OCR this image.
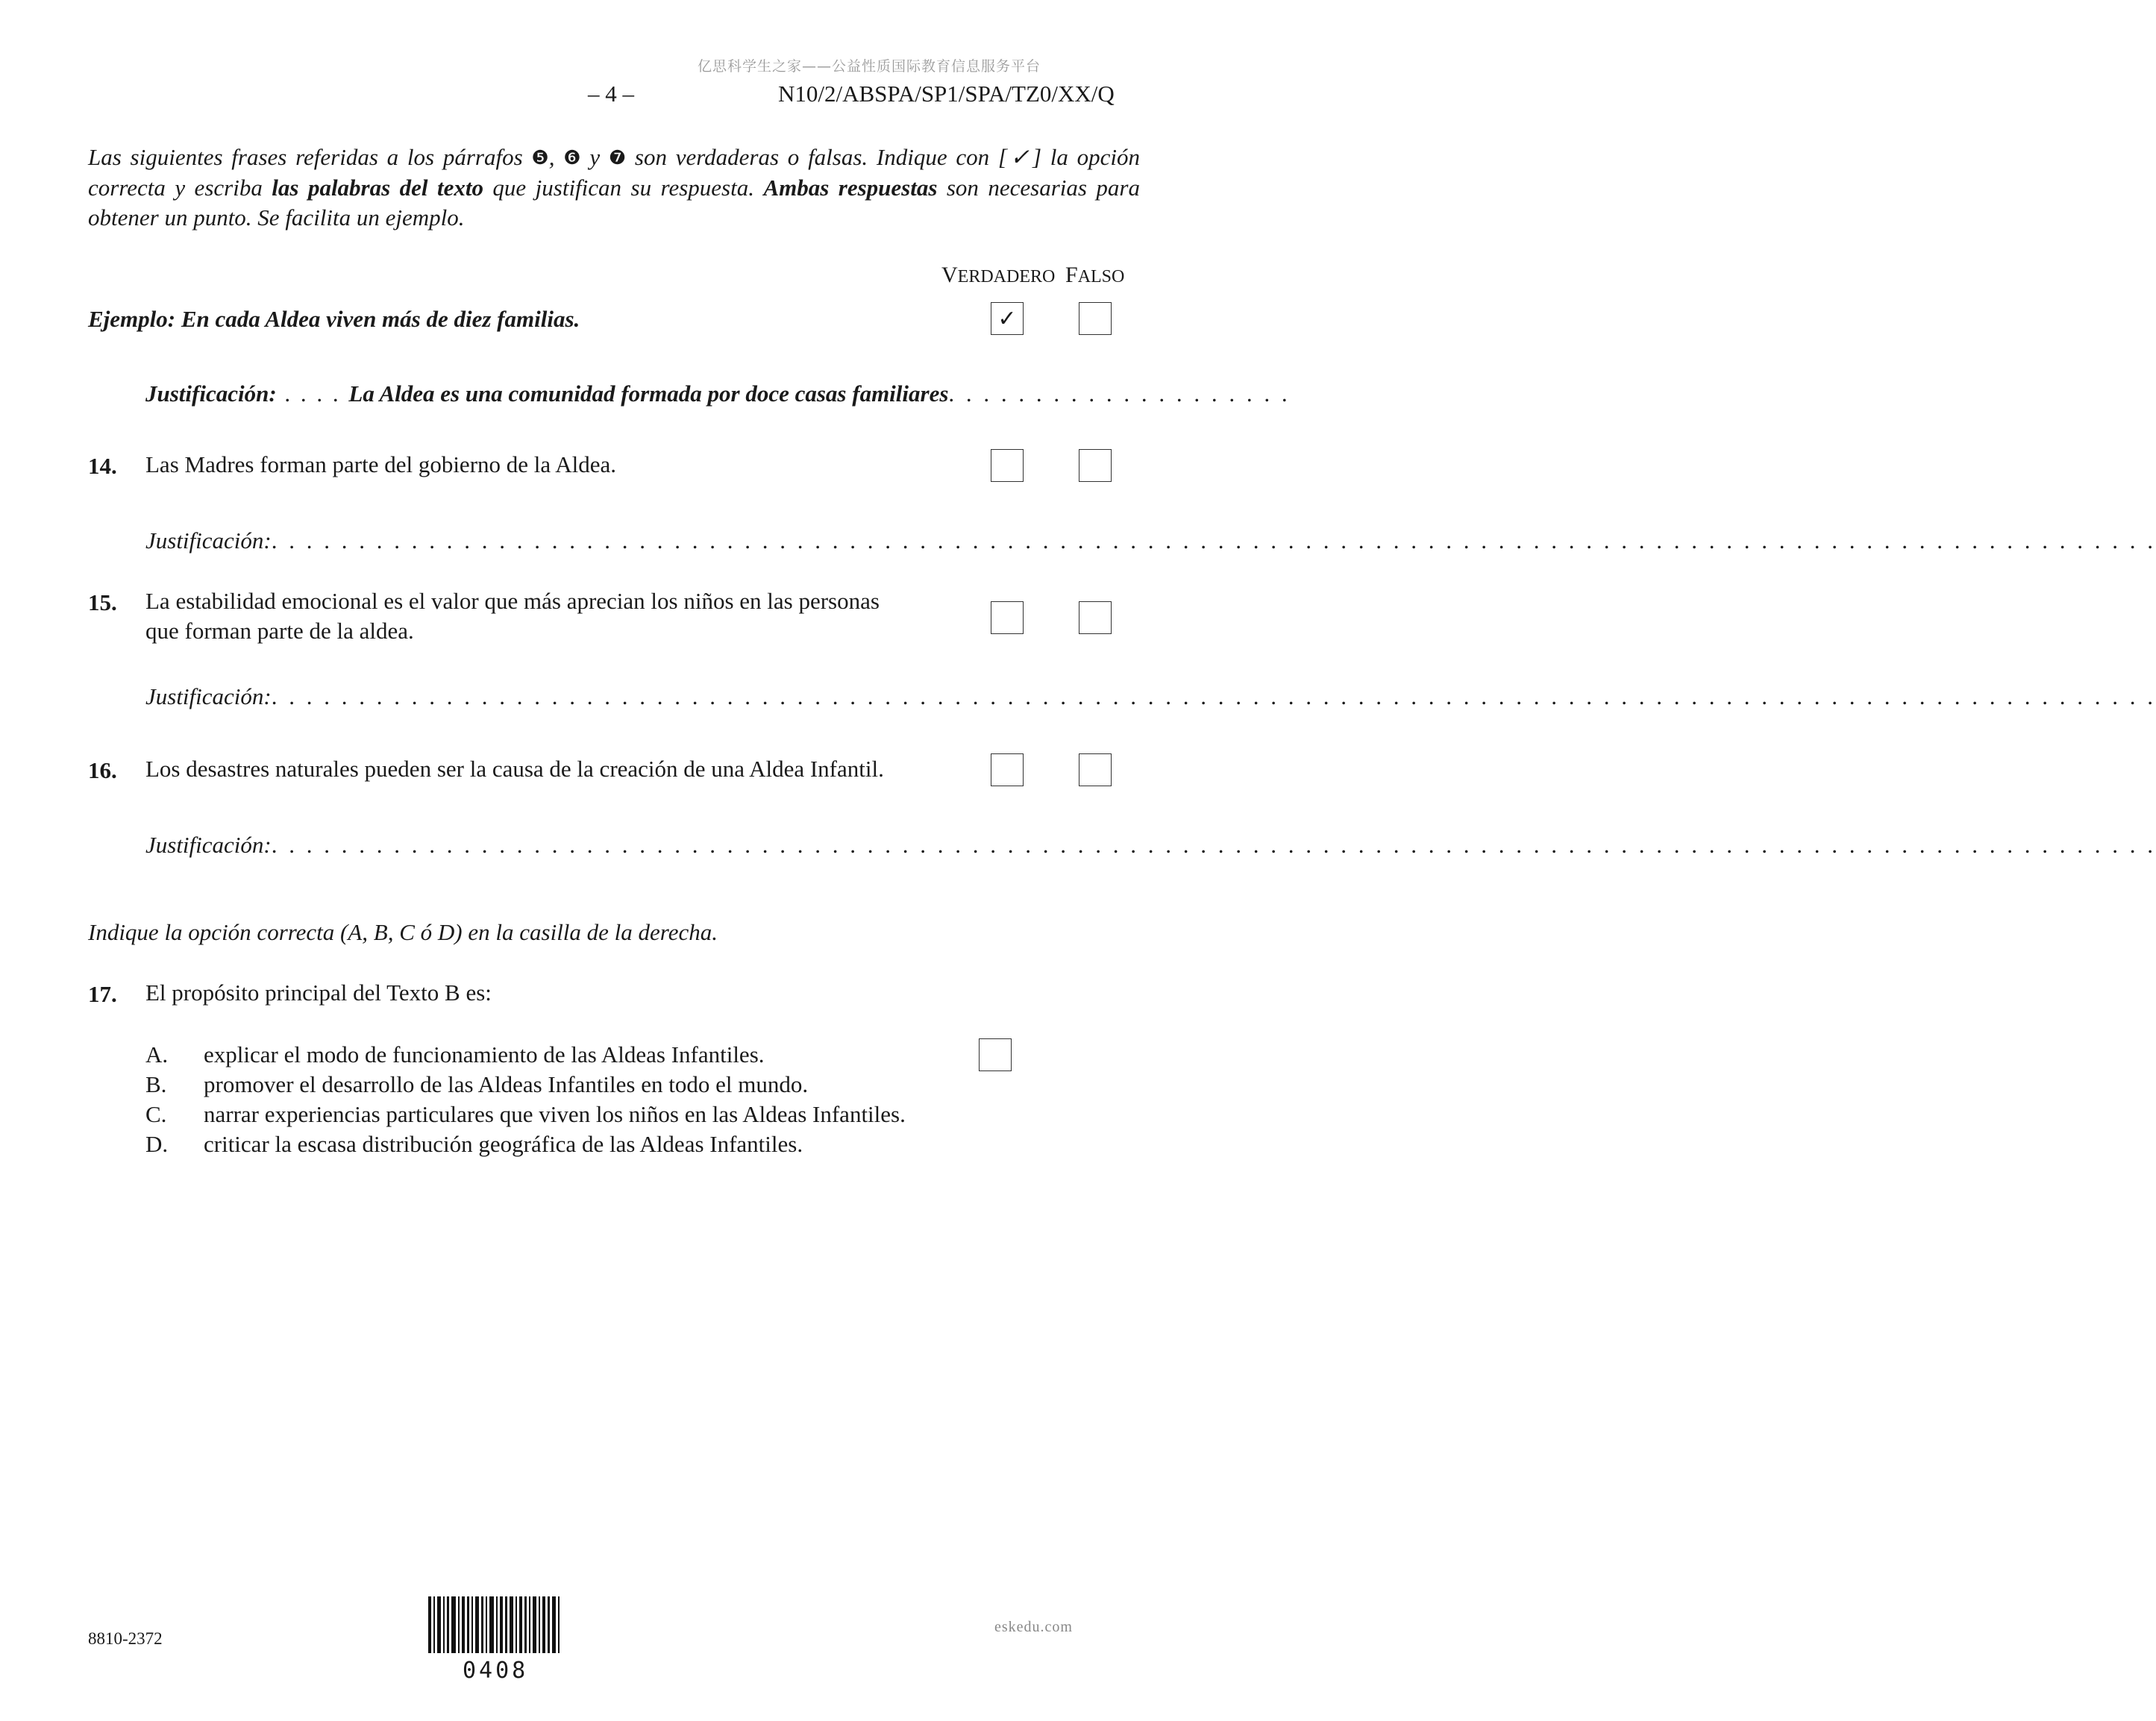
亿思科学生之家——公益性质国际教育信息服务平台
– 4 –	N10/2/ABSPA/SP1/SPA/TZ0/XX/Q
Las siguientes frases referidas a los párrafos ❺, ❻ y ❼ son verdaderas o falsas. Indique con [✓] la opción correcta y escriba las palabras del texto que justifican su respuesta. Ambas respuestas son necesarias para obtener un punto. Se facilita un ejemplo.
VERDADERO FALSO
Ejemplo: En cada Aldea viven más de diez familias.	✓
Justificación: . . . . La Aldea es una comunidad formada por doce casas familiares . . . . . . . . . . . . . . . . . . . .
14. Las Madres forman parte del gobierno de la Aldea.
Justificación: . . . . . . . . . . . . . . . . . . . . . . . . . . . . . . . . . . . . . . . . . . . . . . . . . . . . . . . . . . . . . . . . . . . . . . . . . . . . . . . . . . . . . . . . . . . . . . . . . . . . . . . . . . . .
15. La estabilidad emocional es el valor que más aprecian los niños en las personas
que forman parte de la aldea.
Justificación: . . . . . . . . . . . . . . . . . . . . . . . . . . . . . . . . . . . . . . . . . . . . . . . . . . . . . . . . . . . . . . . . . . . . . . . . . . . . . . . . . . . . . . . . . . . . . . . . . . . . . . . . . . . .
16. Los desastres naturales pueden ser la causa de la creación de una Aldea Infantil.
Justificación: . . . . . . . . . . . . . . . . . . . . . . . . . . . . . . . . . . . . . . . . . . . . . . . . . . . . . . . . . . . . . . . . . . . . . . . . . . . . . . . . . . . . . . . . . . . . . . . . . . . . . . . . . . . .
Indique la opción correcta (A, B, C ó D) en la casilla de la derecha.
17. El propósito principal del Texto B es:
A.	explicar el modo de funcionamiento de las Aldeas Infantiles.
B.	promover el desarrollo de las Aldeas Infantiles en todo el mundo.
C.	narrar experiencias particulares que viven los niños en las Aldeas Infantiles.
D.	criticar la escasa distribución geográfica de las Aldeas Infantiles.
8810-2372
0408
eskedu.com
